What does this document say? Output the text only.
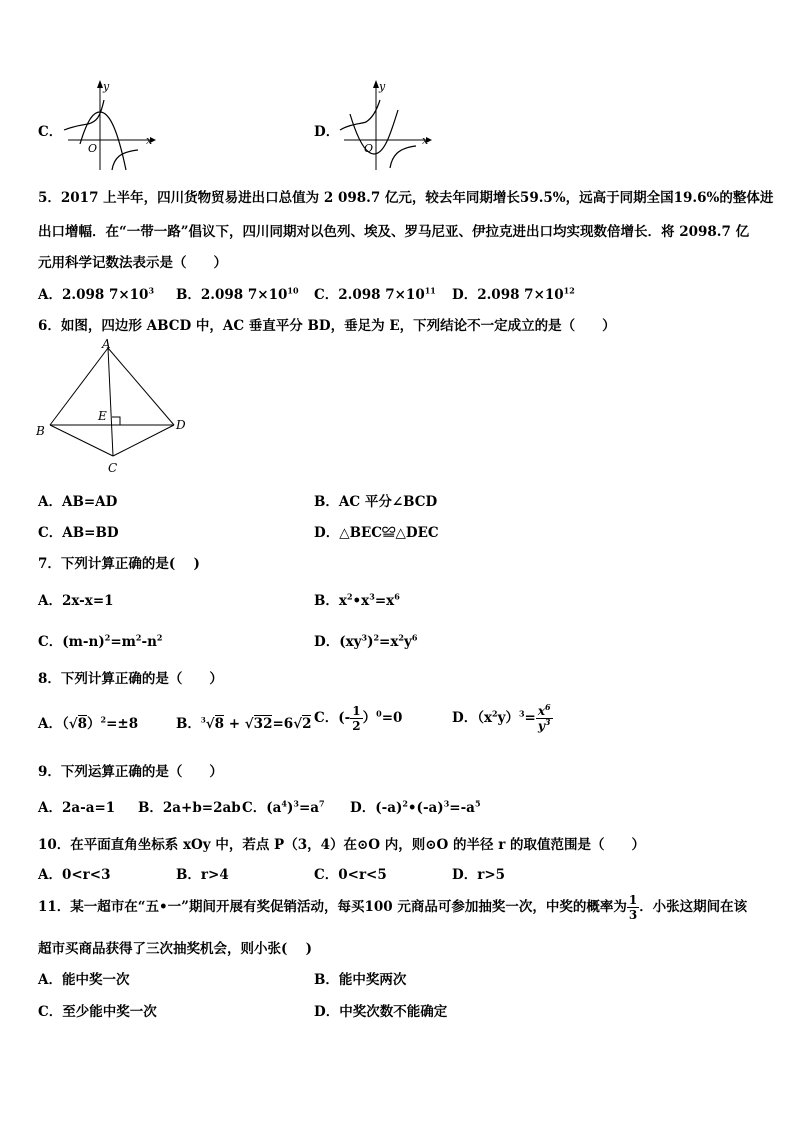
C．
y
x
O
D．
y
x
O
5．2017 上半年，四川货物贸易进出口总值为 2 098.7 亿元，较去年同期增长59.5%，远高于同期全国19.6%的整体进
出口增幅．在“一带一路”倡议下，四川同期对以色列、埃及、罗马尼亚、伊拉克进出口均实现数倍增长．将 2098.7 亿
元用科学记数法表示是（　　）
A．2.098 $7\times 10^3$ B．2.098 $7\times 10^{10}$ C．2.098 $7\times 10^{11}$ D．2.098 $7\times 10^{12}$
6．如图，四边形 ABCD 中，AC 垂直平分 BD，垂足为 E，下列结论不一定成立的是（　　）
A
B
C
D
E
A．AB=AD	B．AC 平分∠BCD
C．AB=BD	D．△BEC≌△DEC
7．下列计算正确的是(　 )
A．2x-x=1	B．$x^2•x^3=x^6$
C．$(m-n)^2=m^2-n^2$	D．$(xy^3)^2=x^2y^6$
8．下列计算正确的是（　　）
A．$(√8)^2=\pm 8$	B．$^3$√8 + √32=6√2 C．(- $\frac{1}{2} )^0=0$	D．$(x^2y)^3= \frac{x^6}{y^3}$
9．下列运算正确的是（　　）
A．2a-a=1 B．2a+b=2ab C．$(a^4)^3=a^7$ D．$(-a)^2•(-a)^3=-a^5$
10．在平面直角坐标系 xOy 中，若点 P（3，4）在⊙O 内，则⊙O 的半径 r 的取值范围是（　　）
A．0<r<3	B．r>4	C．0<r<5	D．r>5
11．某一超市在“五•一”期间开展有奖促销活动，每买100 元商品可参加抽奖一次，中奖的概率为 $\frac{1}{3}$ ．小张这期间在该
超市买商品获得了三次抽奖机会，则小张(　 )
A．能中奖一次	B．能中奖两次
C．至少能中奖一次	D．中奖次数不能确定
